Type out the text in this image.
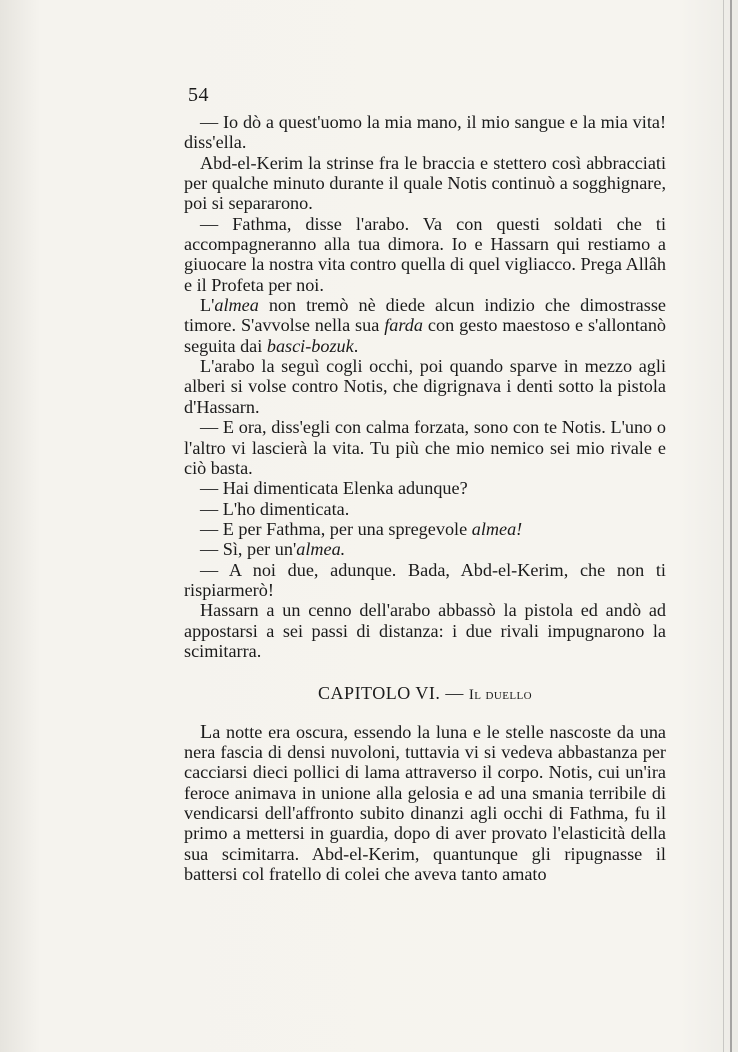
54

— Io dò a quest'uomo la mia mano, il mio sangue e la mia vita! diss'ella.

Abd-el-Kerim la strinse fra le braccia e stettero così abbracciati per qualche minuto durante il quale Notis continuò a sogghignare, poi si separarono.

— Fathma, disse l'arabo. Va con questi soldati che ti accompagneranno alla tua dimora. Io e Hassarn qui restiamo a giuocare la nostra vita contro quella di quel vigliacco. Prega Allâh e il Profeta per noi.

L'almea non tremò nè diede alcun indizio che dimostrasse timore. S'avvolse nella sua farda con gesto maestoso e s'allontanò seguita dai basci-bozuk.

L'arabo la seguì cogli occhi, poi quando sparve in mezzo agli alberi si volse contro Notis, che digrignava i denti sotto la pistola d'Hassarn.

— E ora, diss'egli con calma forzata, sono con te Notis. L'uno o l'altro vi lascierà la vita. Tu più che mio nemico sei mio rivale e ciò basta.

— Hai dimenticata Elenka adunque?

— L'ho dimenticata.

— E per Fathma, per una spregevole almea!

— Sì, per un'almea.

— A noi due, adunque. Bada, Abd-el-Kerim, che non ti rispiarmerò!

Hassarn a un cenno dell'arabo abbassò la pistola ed andò ad appostarsi a sei passi di distanza: i due rivali impugnarono la scimitarra.

CAPITOLO VI. — Il duello

La notte era oscura, essendo la luna e le stelle nascoste da una nera fascia di densi nuvoloni, tuttavia vi si vedeva abbastanza per cacciarsi dieci pollici di lama attraverso il corpo. Notis, cui un'ira feroce animava in unione alla gelosia e ad una smania terribile di vendicarsi dell'affronto subito dinanzi agli occhi di Fathma, fu il primo a mettersi in guardia, dopo di aver provato l'elasticità della sua scimitarra. Abd-el-Kerim, quantunque gli ripugnasse il battersi col fratello di colei che aveva tanto amato
